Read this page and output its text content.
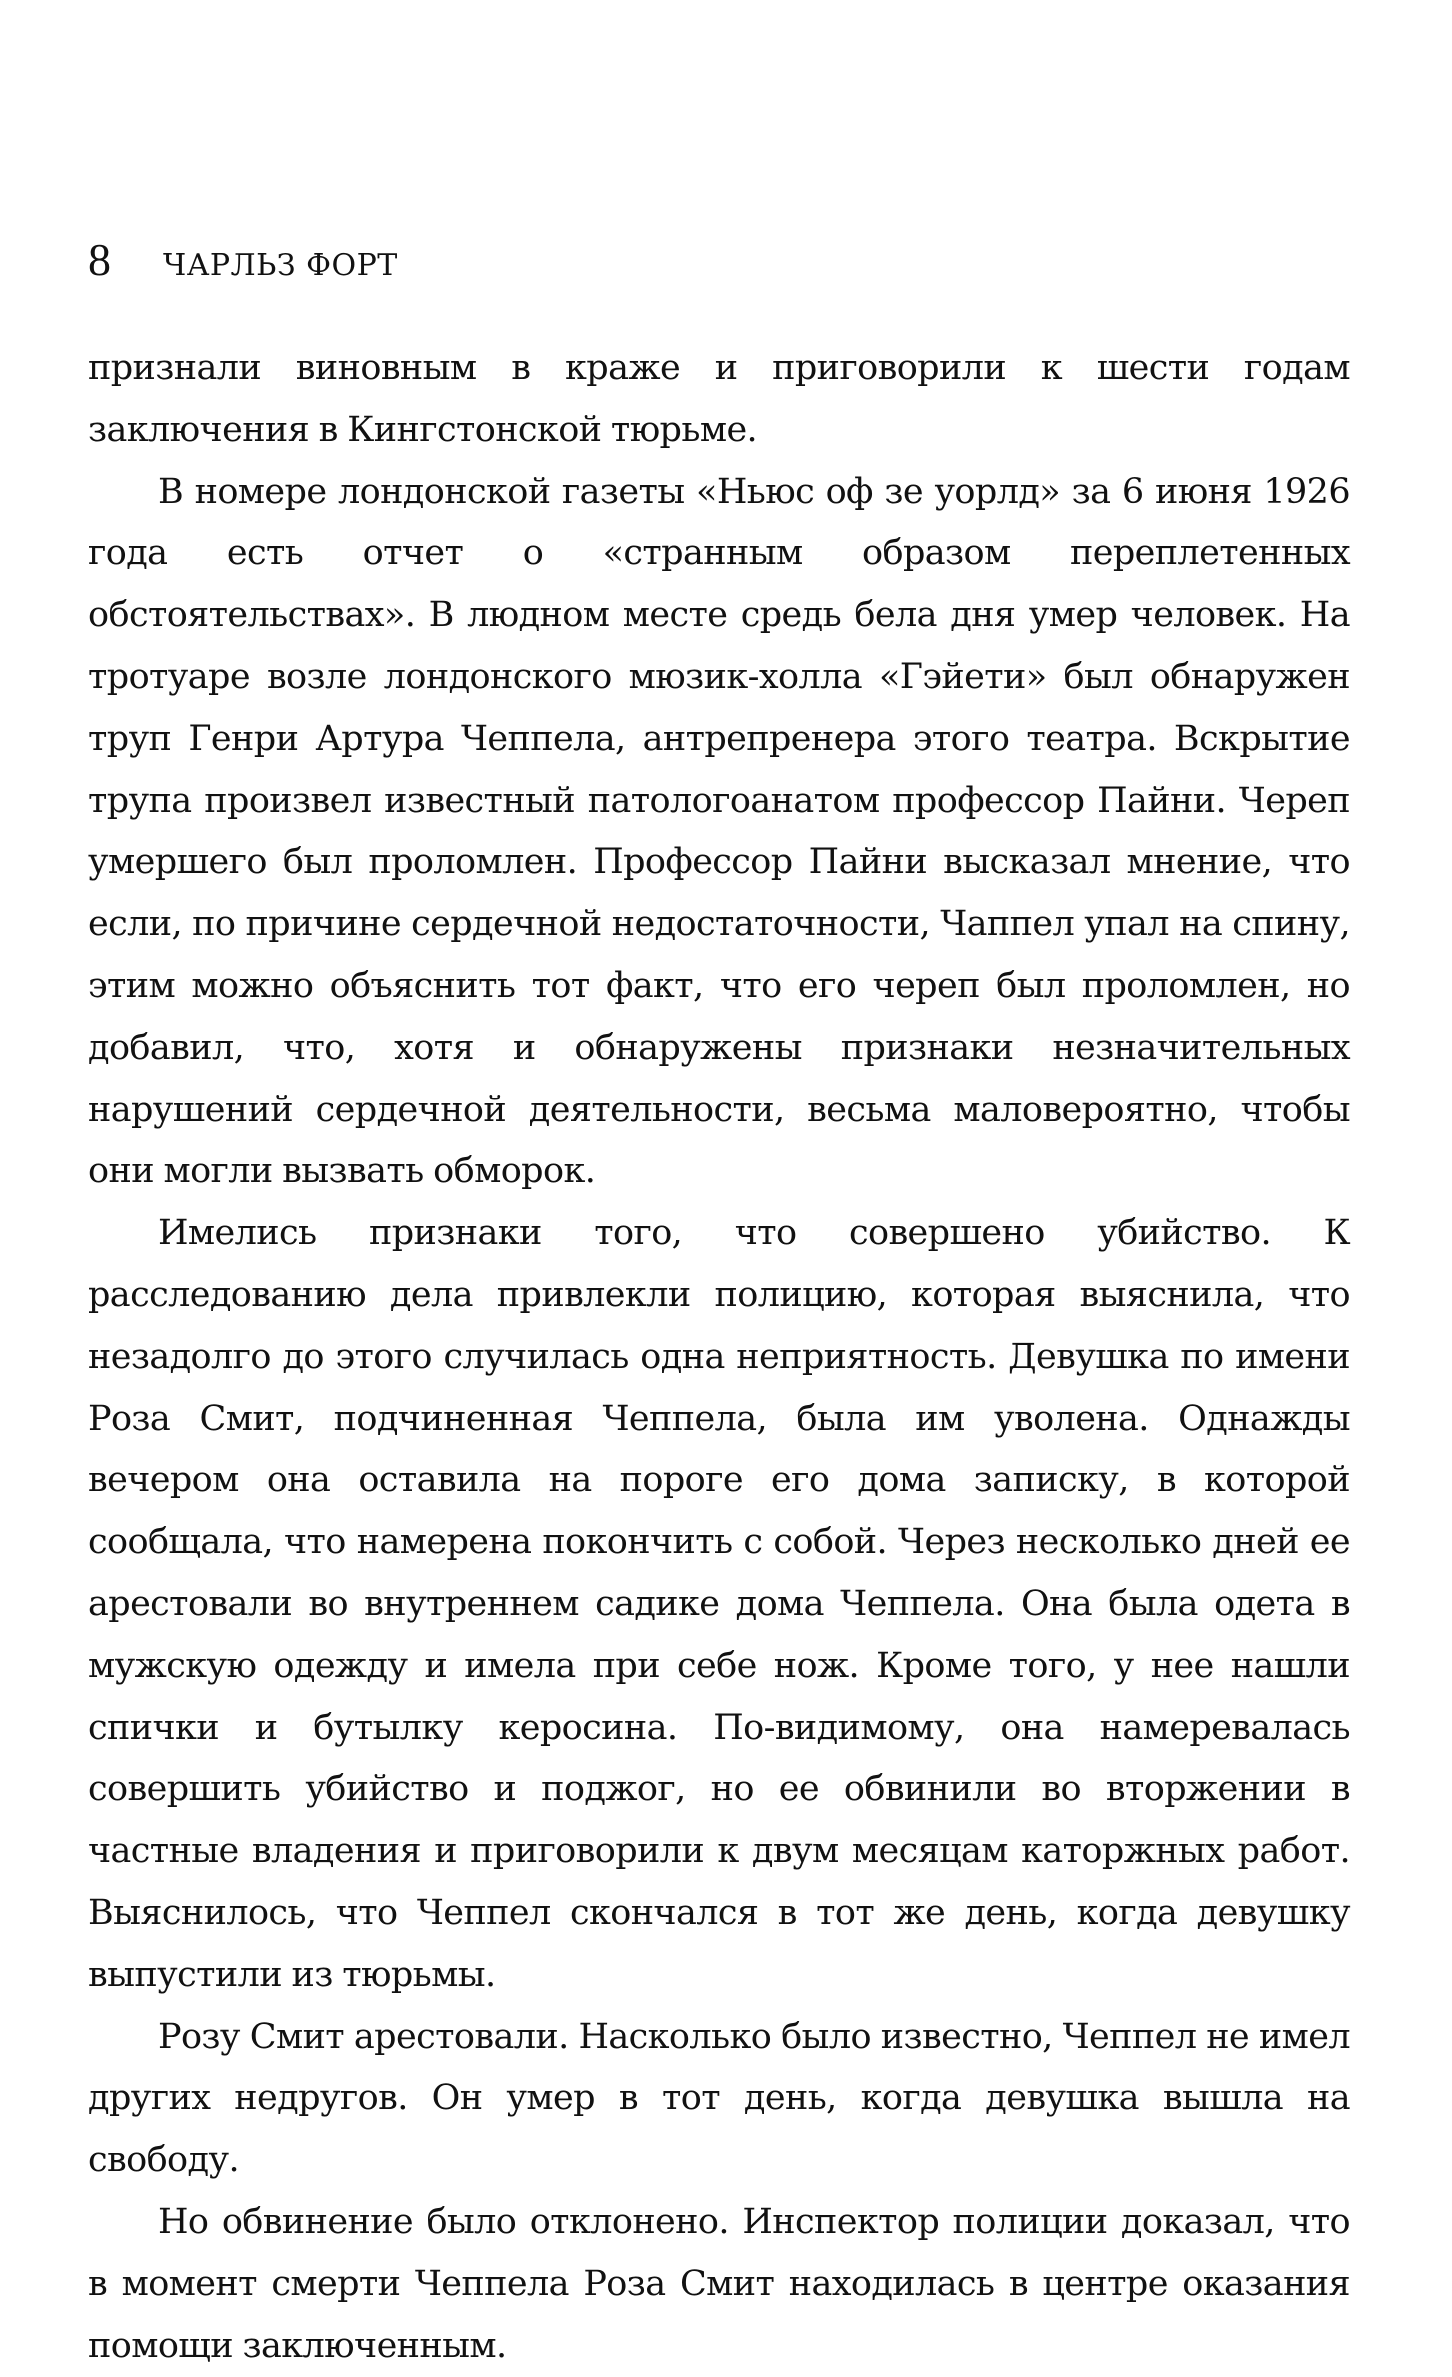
8 ЧАРЛЬЗ ФОРТ

признали виновным в краже и приговорили к шести годам заключения в Кингстонской тюрьме.

В номере лондонской газеты «Ньюс оф зе уорлд» за 6 июня 1926 года есть отчет о «странным образом переплетенных обстоятельствах». В людном месте средь бела дня умер человек. На тротуаре возле лондонского мюзик-холла «Гэйети» был обнаружен труп Генри Артура Чеппела, антрепренера этого театра. Вскрытие трупа произвел известный патологоанатом профессор Пайни. Череп умершего был проломлен. Профессор Пайни высказал мнение, что если, по причине сердечной недостаточности, Чаппел упал на спину, этим можно объяснить тот факт, что его череп был проломлен, но добавил, что, хотя и обнаружены признаки незначительных нарушений сердечной деятельности, весьма маловероятно, чтобы они могли вызвать обморок.

Имелись признаки того, что совершено убийство. К расследованию дела привлекли полицию, которая выяснила, что незадолго до этого случилась одна неприятность. Девушка по имени Роза Смит, подчиненная Чеппела, была им уволена. Однажды вечером она оставила на пороге его дома записку, в которой сообщала, что намерена покончить с собой. Через несколько дней ее арестовали во внутреннем садике дома Чеппела. Она была одета в мужскую одежду и имела при себе нож. Кроме того, у нее нашли спички и бутылку керосина. По-видимому, она намеревалась совершить убийство и поджог, но ее обвинили во вторжении в частные владения и приговорили к двум месяцам каторжных работ. Выяснилось, что Чеппел скончался в тот же день, когда девушку выпустили из тюрьмы.

Розу Смит арестовали. Насколько было известно, Чеппел не имел других недругов. Он умер в тот день, когда девушка вышла на свободу.

Но обвинение было отклонено. Инспектор полиции доказал, что в момент смерти Чеппела Роза Смит находилась в центре оказания помощи заключенным.
